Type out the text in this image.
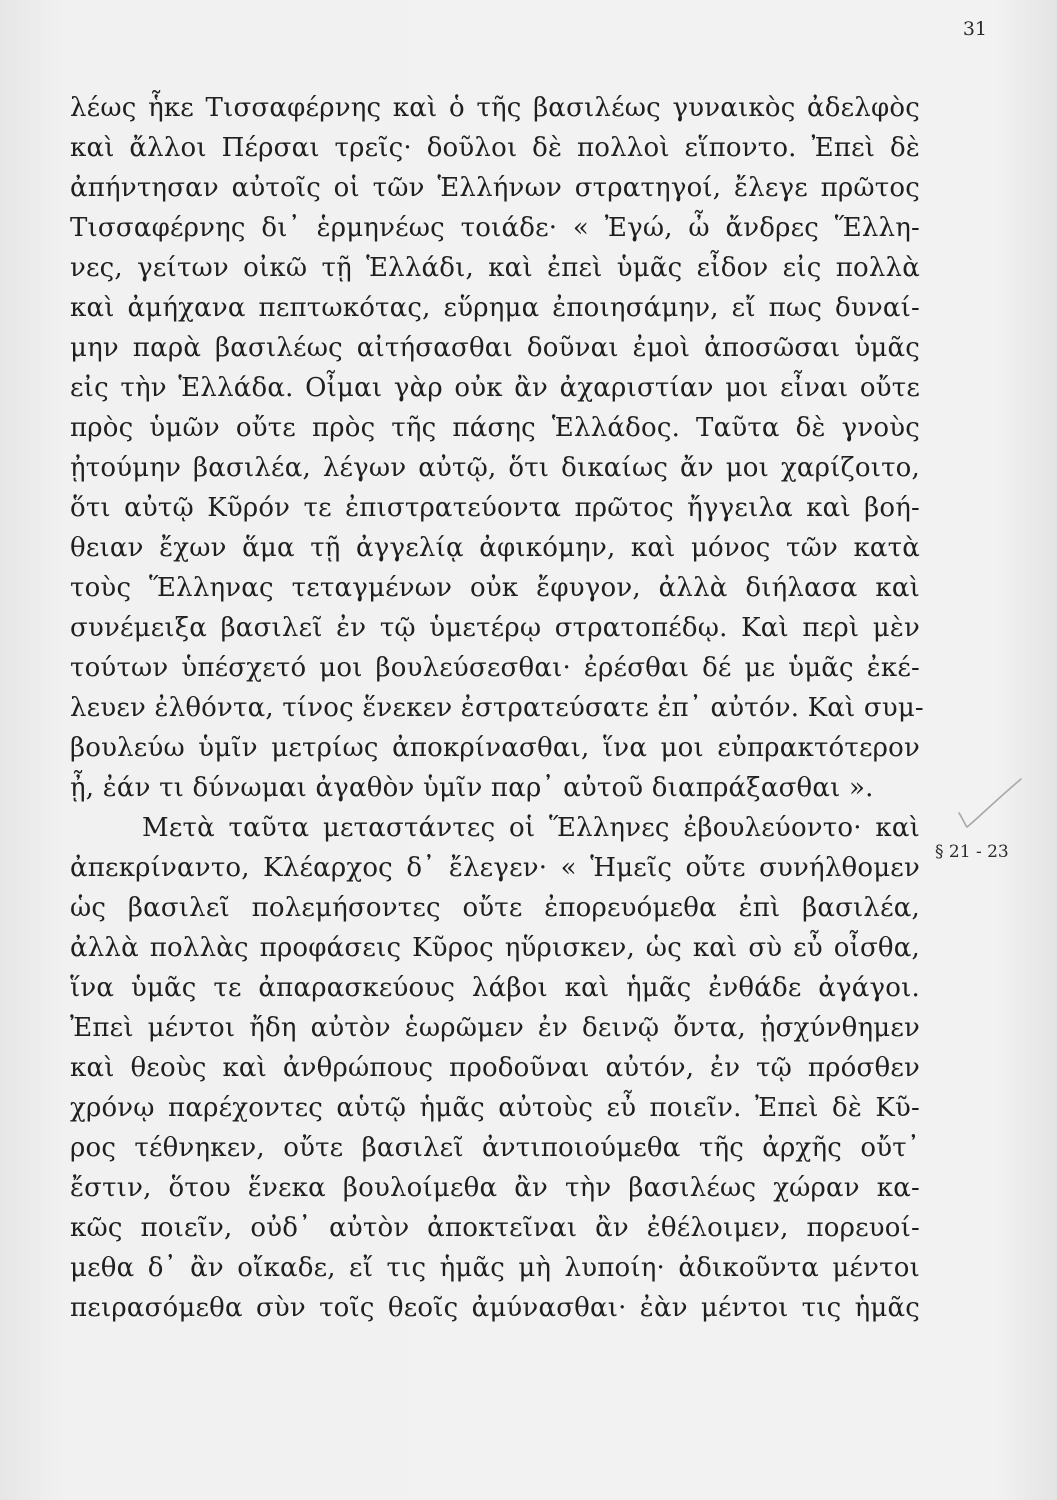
31
λέως ἧκε Τισσαφέρνης καὶ ὁ τῆς βασιλέως γυναικὸς ἀδελφὸς
καὶ ἄλλοι Πέρσαι τρεῖς· δοῦλοι δὲ πολλοὶ εἵποντο. Ἐπεὶ δὲ
ἀπήντησαν αὐτοῖς οἱ τῶν Ἑλλήνων στρατηγοί, ἔλεγε πρῶτος
Τισσαφέρνης δι᾽ ἑρμηνέως τοιάδε· « Ἐγώ, ὦ ἄνδρες Ἕλλη-
νες, γείτων οἰκῶ τῇ Ἑλλάδι, καὶ ἐπεὶ ὑμᾶς εἶδον εἰς πολλὰ
καὶ ἀμήχανα πεπτωκότας, εὕρημα ἐποιησάμην, εἴ πως δυναί-
μην παρὰ βασιλέως αἰτήσασθαι δοῦναι ἐμοὶ ἀποσῶσαι ὑμᾶς
εἰς τὴν Ἑλλάδα. Οἶμαι γὰρ οὐκ ἂν ἀχαριστίαν μοι εἶναι οὔτε
πρὸς ὑμῶν οὔτε πρὸς τῆς πάσης Ἑλλάδος. Ταῦτα δὲ γνοὺς
ᾐτούμην βασιλέα, λέγων αὐτῷ, ὅτι δικαίως ἄν μοι χαρίζοιτο,
ὅτι αὐτῷ Κῦρόν τε ἐπιστρατεύοντα πρῶτος ἤγγειλα καὶ βοή-
θειαν ἔχων ἅμα τῇ ἀγγελίᾳ ἀφικόμην, καὶ μόνος τῶν κατὰ
τοὺς Ἕλληνας τεταγμένων οὐκ ἔφυγον, ἀλλὰ διήλασα καὶ
συνέμειξα βασιλεῖ ἐν τῷ ὑμετέρῳ στρατοπέδῳ. Καὶ περὶ μὲν
τούτων ὑπέσχετό μοι βουλεύσεσθαι· ἐρέσθαι δέ με ὑμᾶς ἐκέ-
λευεν ἐλθόντα, τίνος ἕνεκεν ἐστρατεύσατε ἐπ᾽ αὐτόν. Καὶ συμ-
βουλεύω ὑμῖν μετρίως ἀποκρίνασθαι, ἵνα μοι εὐπρακτότερον
ᾖ, ἐάν τι δύνωμαι ἀγαθὸν ὑμῖν παρ᾽ αὐτοῦ διαπράξασθαι ».
Μετὰ ταῦτα μεταστάντες οἱ Ἕλληνες ἐβουλεύοντο· καὶ
ἀπεκρίναντο, Κλέαρχος δ᾽ ἔλεγεν· « Ἡμεῖς οὔτε συνήλθομεν
ὡς βασιλεῖ πολεμήσοντες οὔτε ἐπορευόμεθα ἐπὶ βασιλέα,
ἀλλὰ πολλὰς προφάσεις Κῦρος ηὕρισκεν, ὡς καὶ σὺ εὖ οἶσθα,
ἵνα ὑμᾶς τε ἀπαρασκεύους λάβοι καὶ ἡμᾶς ἐνθάδε ἀγάγοι.
Ἐπεὶ μέντοι ἤδη αὐτὸν ἑωρῶμεν ἐν δεινῷ ὄντα, ᾐσχύνθημεν
καὶ θεοὺς καὶ ἀνθρώπους προδοῦναι αὐτόν, ἐν τῷ πρόσθεν
χρόνῳ παρέχοντες αὑτῷ ἡμᾶς αὐτοὺς εὖ ποιεῖν. Ἐπεὶ δὲ Κῦ-
ρος τέθνηκεν, οὔτε βασιλεῖ ἀντιποιούμεθα τῆς ἀρχῆς οὔτ᾽
ἔστιν, ὅτου ἕνεκα βουλοίμεθα ἂν τὴν βασιλέως χώραν κα-
κῶς ποιεῖν, οὐδ᾽ αὐτὸν ἀποκτεῖναι ἂν ἐθέλοιμεν, πορευοί-
μεθα δ᾽ ἂν οἴκαδε, εἴ τις ἡμᾶς μὴ λυποίη· ἀδικοῦντα μέντοι
πειρασόμεθα σὺν τοῖς θεοῖς ἀμύνασθαι· ἐὰν μέντοι τις ἡμᾶς
§ 21 - 23
